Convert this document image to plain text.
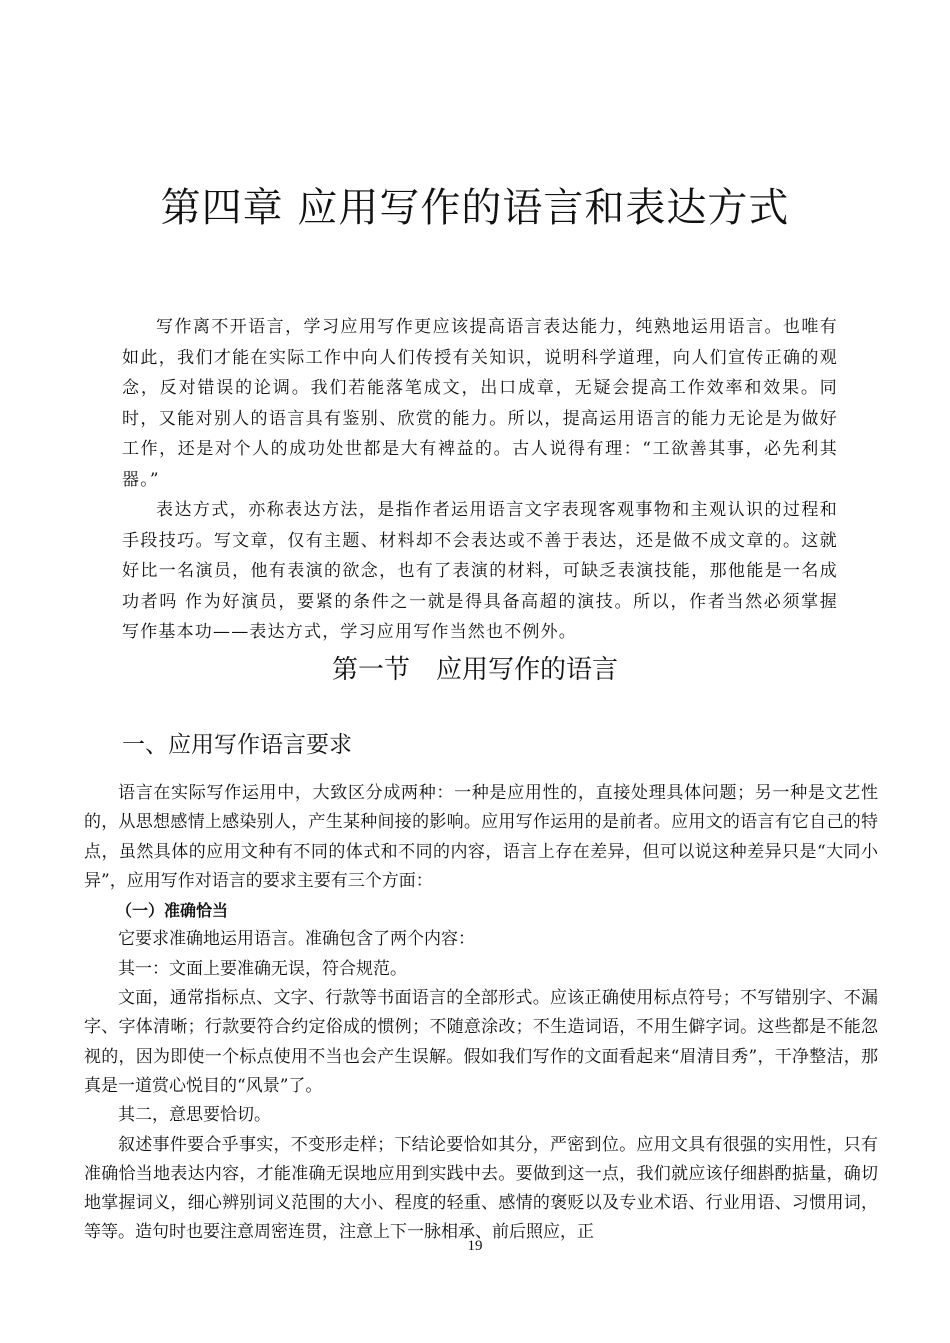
第四章 应用写作的语言和表达方式

写作离不开语言，学习应用写作更应该提高语言表达能力，纯熟地运用语言。也唯有如此，我们才能在实际工作中向人们传授有关知识，说明科学道理，向人们宣传正确的观念，反对错误的论调。我们若能落笔成文，出口成章，无疑会提高工作效率和效果。同时，又能对别人的语言具有鉴别、欣赏的能力。所以，提高运用语言的能力无论是为做好工作，还是对个人的成功处世都是大有裨益的。古人说得有理：“工欲善其事，必先利其器。”

表达方式，亦称表达方法，是指作者运用语言文字表现客观事物和主观认识的过程和手段技巧。写文章，仅有主题、材料却不会表达或不善于表达，还是做不成文章的。这就好比一名演员，他有表演的欲念，也有了表演的材料，可缺乏表演技能，那他能是一名成功者吗 作为好演员，要紧的条件之一就是得具备高超的演技。所以，作者当然必须掌握写作基本功——表达方式，学习应用写作当然也不例外。

第一节　应用写作的语言
一、应用写作语言要求

语言在实际写作运用中，大致区分成两种：一种是应用性的，直接处理具体问题；另一种是文艺性的，从思想感情上感染别人，产生某种间接的影响。应用写作运用的是前者。应用文的语言有它自己的特点，虽然具体的应用文种有不同的体式和不同的内容，语言上存在差异，但可以说这种差异只是“大同小异”，应用写作对语言的要求主要有三个方面：

（一）准确恰当

它要求准确地运用语言。准确包含了两个内容：

其一：文面上要准确无误，符合规范。

文面，通常指标点、文字、行款等书面语言的全部形式。应该正确使用标点符号；不写错别字、不漏字、字体清晰；行款要符合约定俗成的惯例；不随意涂改；不生造词语，不用生僻字词。这些都是不能忽视的，因为即使一个标点使用不当也会产生误解。假如我们写作的文面看起来“眉清目秀”，干净整洁，那真是一道赏心悦目的“风景”了。

其二，意思要恰切。

叙述事件要合乎事实，不变形走样；下结论要恰如其分，严密到位。应用文具有很强的实用性，只有准确恰当地表达内容，才能准确无误地应用到实践中去。要做到这一点，我们就应该仔细斟酌掂量，确切地掌握词义，细心辨别词义范围的大小、程度的轻重、感情的褒贬以及专业术语、行业用语、习惯用词，等等。造句时也要注意周密连贯，注意上下一脉相承、前后照应，正

19
